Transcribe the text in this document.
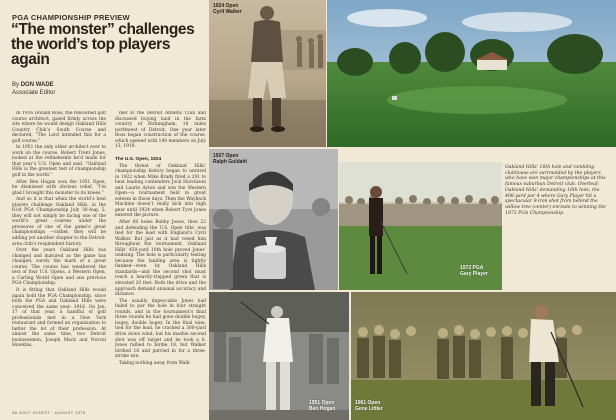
PGA CHAMPIONSHIP PREVIEW
“The monster” challenges the world’s top players again
By DON WADE
Associate Editor

In 1916 Donald Ross, the renowned golf course architect, gazed firmly across the site where he would design Oakland Hills Country Club’s South Course and declared, “The Lord intended this for a golf course.”

In 1951 the only other architect ever to work on the course, Robert Trent Jones, looked at the refinements he’d made for that year’s U.S. Open and said, “Oakland Hills is the greatest test of championship golf in the world.”

After Ben Hogan won the 1951 Open, he dismissed with obvious relief, “I’m glad I brought this monster to its knees.”

And so it is that when the world’s best players challenge Oakland Hills, in the 61st PGA Championship July 30-Aug. 5, they will not simply be facing one of the world’s great courses under the pressures of one of the game’s great championships —rather, they will be adding yet another chapter to the Detroit-area club’s resplendent history.

Over the years Oakland Hills has changed and matured as the game has changed, surely the mark of a great course. The course has weathered the test of four U.S. Opens, a Western Open, a Carling World Open and one previous PGA Championship.

It is fitting that Oakland Hills would again hold the PGA Championship, since both the PGA and Oakland Hills were conceived the same year: 1916. On Jan. 17 of that year, a handful of golf professionals met in a New York restaurant and formed an organization to better the lot of their profession. At almost the same time, two Detroit businessmen, Joseph Mack and Norval Hawkins,

met at the Detroit Athletic Club and discussed buying land in the farm country of Birmingham, 18 miles northwest of Detroit. One year later Ross began construction of the course, which opened with 140 members on July 13, 1918.

The U.S. Open, 1924

The threat of Oakland Hills’ championship history began to unravel in 1922 when Mike Brady fired a 291 to beat leading contenders Jock Hutchison and Laurie Ayton and win the Western Open—a tournament held in great esteem in those days. Then the Wayback Machine doesn’t really kick into high gear until 1924 when Robert Tyre Jones entered the picture.

After 60 holes Bobby Jones, then 22 and defending the U.S. Open title, was tied for the lead with England’s Cyril Walker. But just as it had vexed him throughout the tournament, Oakland Hills’ 450-yard 10th hole proved Jones’ undoing. The hole is particularly testing because the landing area is tightly flanked—even by Oakland Hills standards—and the second shot must reach a heavily-trapped green that is elevated 20 feet. Both the drive and the approach demand unusual accuracy and distance.

The usually impeccable Jones had failed to par the hole in four straight rounds, and in the tournament’s final three rounds he had gone double bogey, bogey, double bogey. In the final nine, tied for the lead, he cracked a 300-yard drive down wind, but his mashie second shot was off target and he took a 6. Jones rallied to birdie 18, but Walker birdied 16 and parried in for a three-stroke win.

Taking nothing away from Walk-

58 GOLF DIGEST · AUGUST 1979
1924 Open
Cyril Walker
1937 Open
Ralph Guldahl
1972 PGA
Gary Player
Oakland Hills’ 16th hole and rambling clubhouse are surrounded by the players who have won major championships at this famous suburban Detroit club. Overleaf: Oakland Hills’ demanding 16th hole, the 408-yard par 4 where Gary Player hit a spectacular 9-iron shot from behind the willow tree (center) enroute to winning the 1972 PGA Championship.
1951 Open
Ben Hogan
1961 Open
Gene Littler
